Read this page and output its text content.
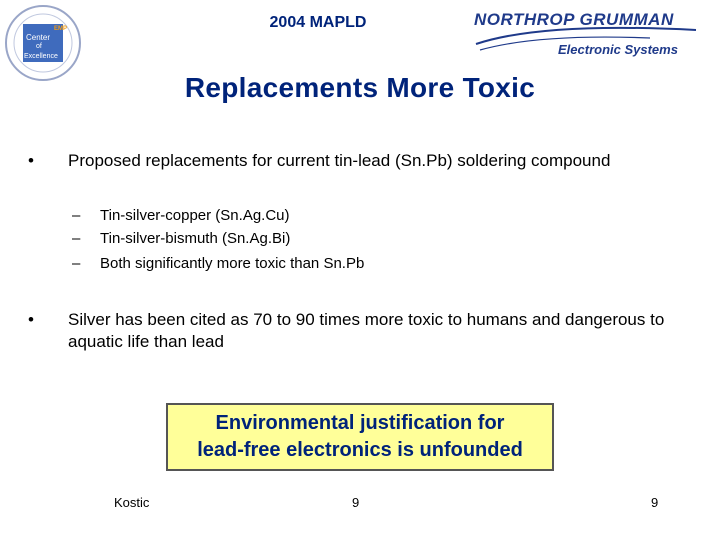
EMP
Center
of
Excellence
2004 MAPLD	NORTHROP GRUMMAN
Electronic Systems
Replacements More Toxic
• Proposed replacements for current tin-lead (Sn.Pb) soldering compound
– Tin-silver-copper (Sn.Ag.Cu)
– Tin-silver-bismuth (Sn.Ag.Bi)
– Both significantly more toxic than Sn.Pb
• Silver has been cited as 70 to 90 times more toxic to humans and dangerous to aquatic life than lead
Environmental justification for
lead-free electronics is unfounded
Kostic	9	9
